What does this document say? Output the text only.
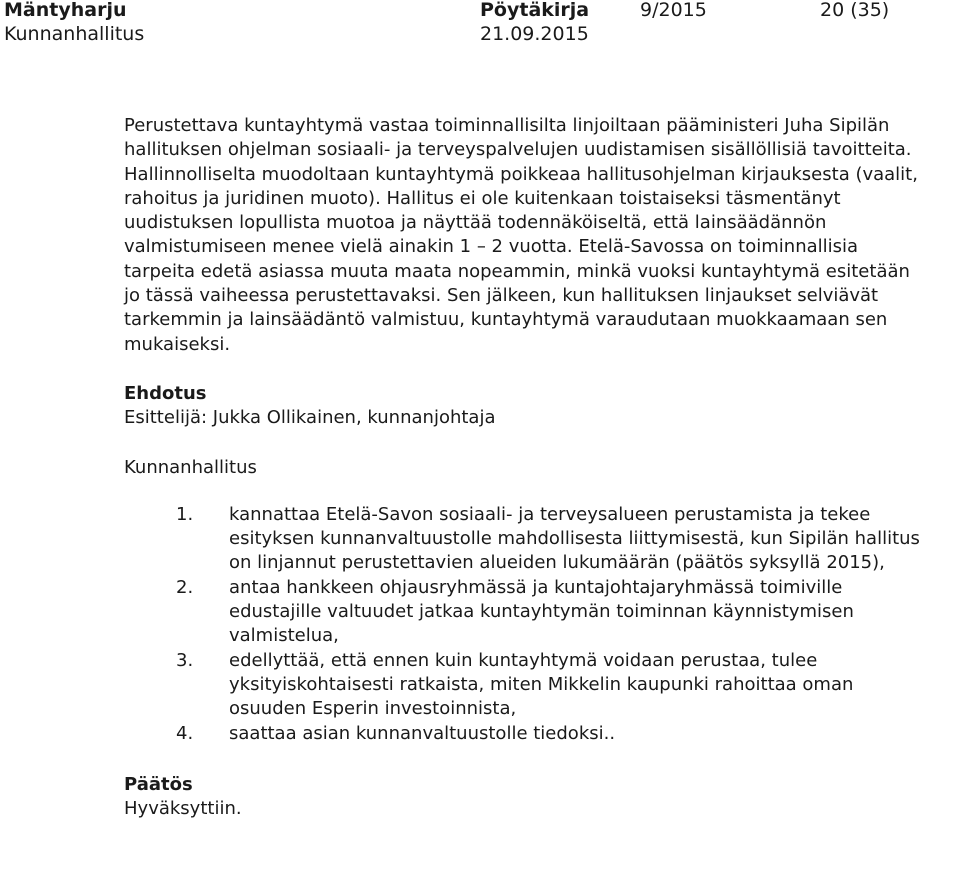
Mäntyharju
Kunnanhallitus
Pöytäkirja
21.09.2015
9/2015	20 (35)

Perustettava kuntayhtymä vastaa toiminnallisilta linjoiltaan pääministeri Juha Sipilän hallituksen ohjelman sosiaali- ja terveyspalvelujen uudistamisen sisällöllisiä tavoitteita. Hallinnolliselta muodoltaan kuntayhtymä poikkeaa hallitusohjelman kirjauksesta (vaalit, rahoitus ja juridinen muoto). Hallitus ei ole kuitenkaan toistaiseksi täsmentänyt uudistuksen lopullista muotoa ja näyttää todennäköiseltä, että lainsäädännön valmistumiseen menee vielä ainakin 1 – 2 vuotta. Etelä-Savossa on toiminnallisia tarpeita edetä asiassa muuta maata nopeammin, minkä vuoksi kuntayhtymä esitetään jo tässä vaiheessa perustettavaksi. Sen jälkeen, kun hallituksen linjaukset selviävät tarkemmin ja lainsäädäntö valmistuu, kuntayhtymä varaudutaan muokkaamaan sen mukaiseksi.

Ehdotus

Esittelijä: Jukka Ollikainen, kunnanjohtaja

Kunnanhallitus

1. kannattaa Etelä-Savon sosiaali- ja terveysalueen perustamista ja tekee esityksen kunnanvaltuustolle mahdollisesta liittymisestä, kun Sipilän hallitus on linjannut perustettavien alueiden lukumäärän (päätös syksyllä 2015),
2. antaa hankkeen ohjausryhmässä ja kuntajohtajaryhmässä toimiville edustajille valtuudet jatkaa kuntayhtymän toiminnan käynnistymisen valmistelua,
3. edellyttää, että ennen kuin kuntayhtymä voidaan perustaa, tulee yksityiskohtaisesti ratkaista, miten Mikkelin kaupunki rahoittaa oman osuuden Esperin investoinnista,
4. saattaa asian kunnanvaltuustolle tiedoksi..

Päätös

Hyväksyttiin.
